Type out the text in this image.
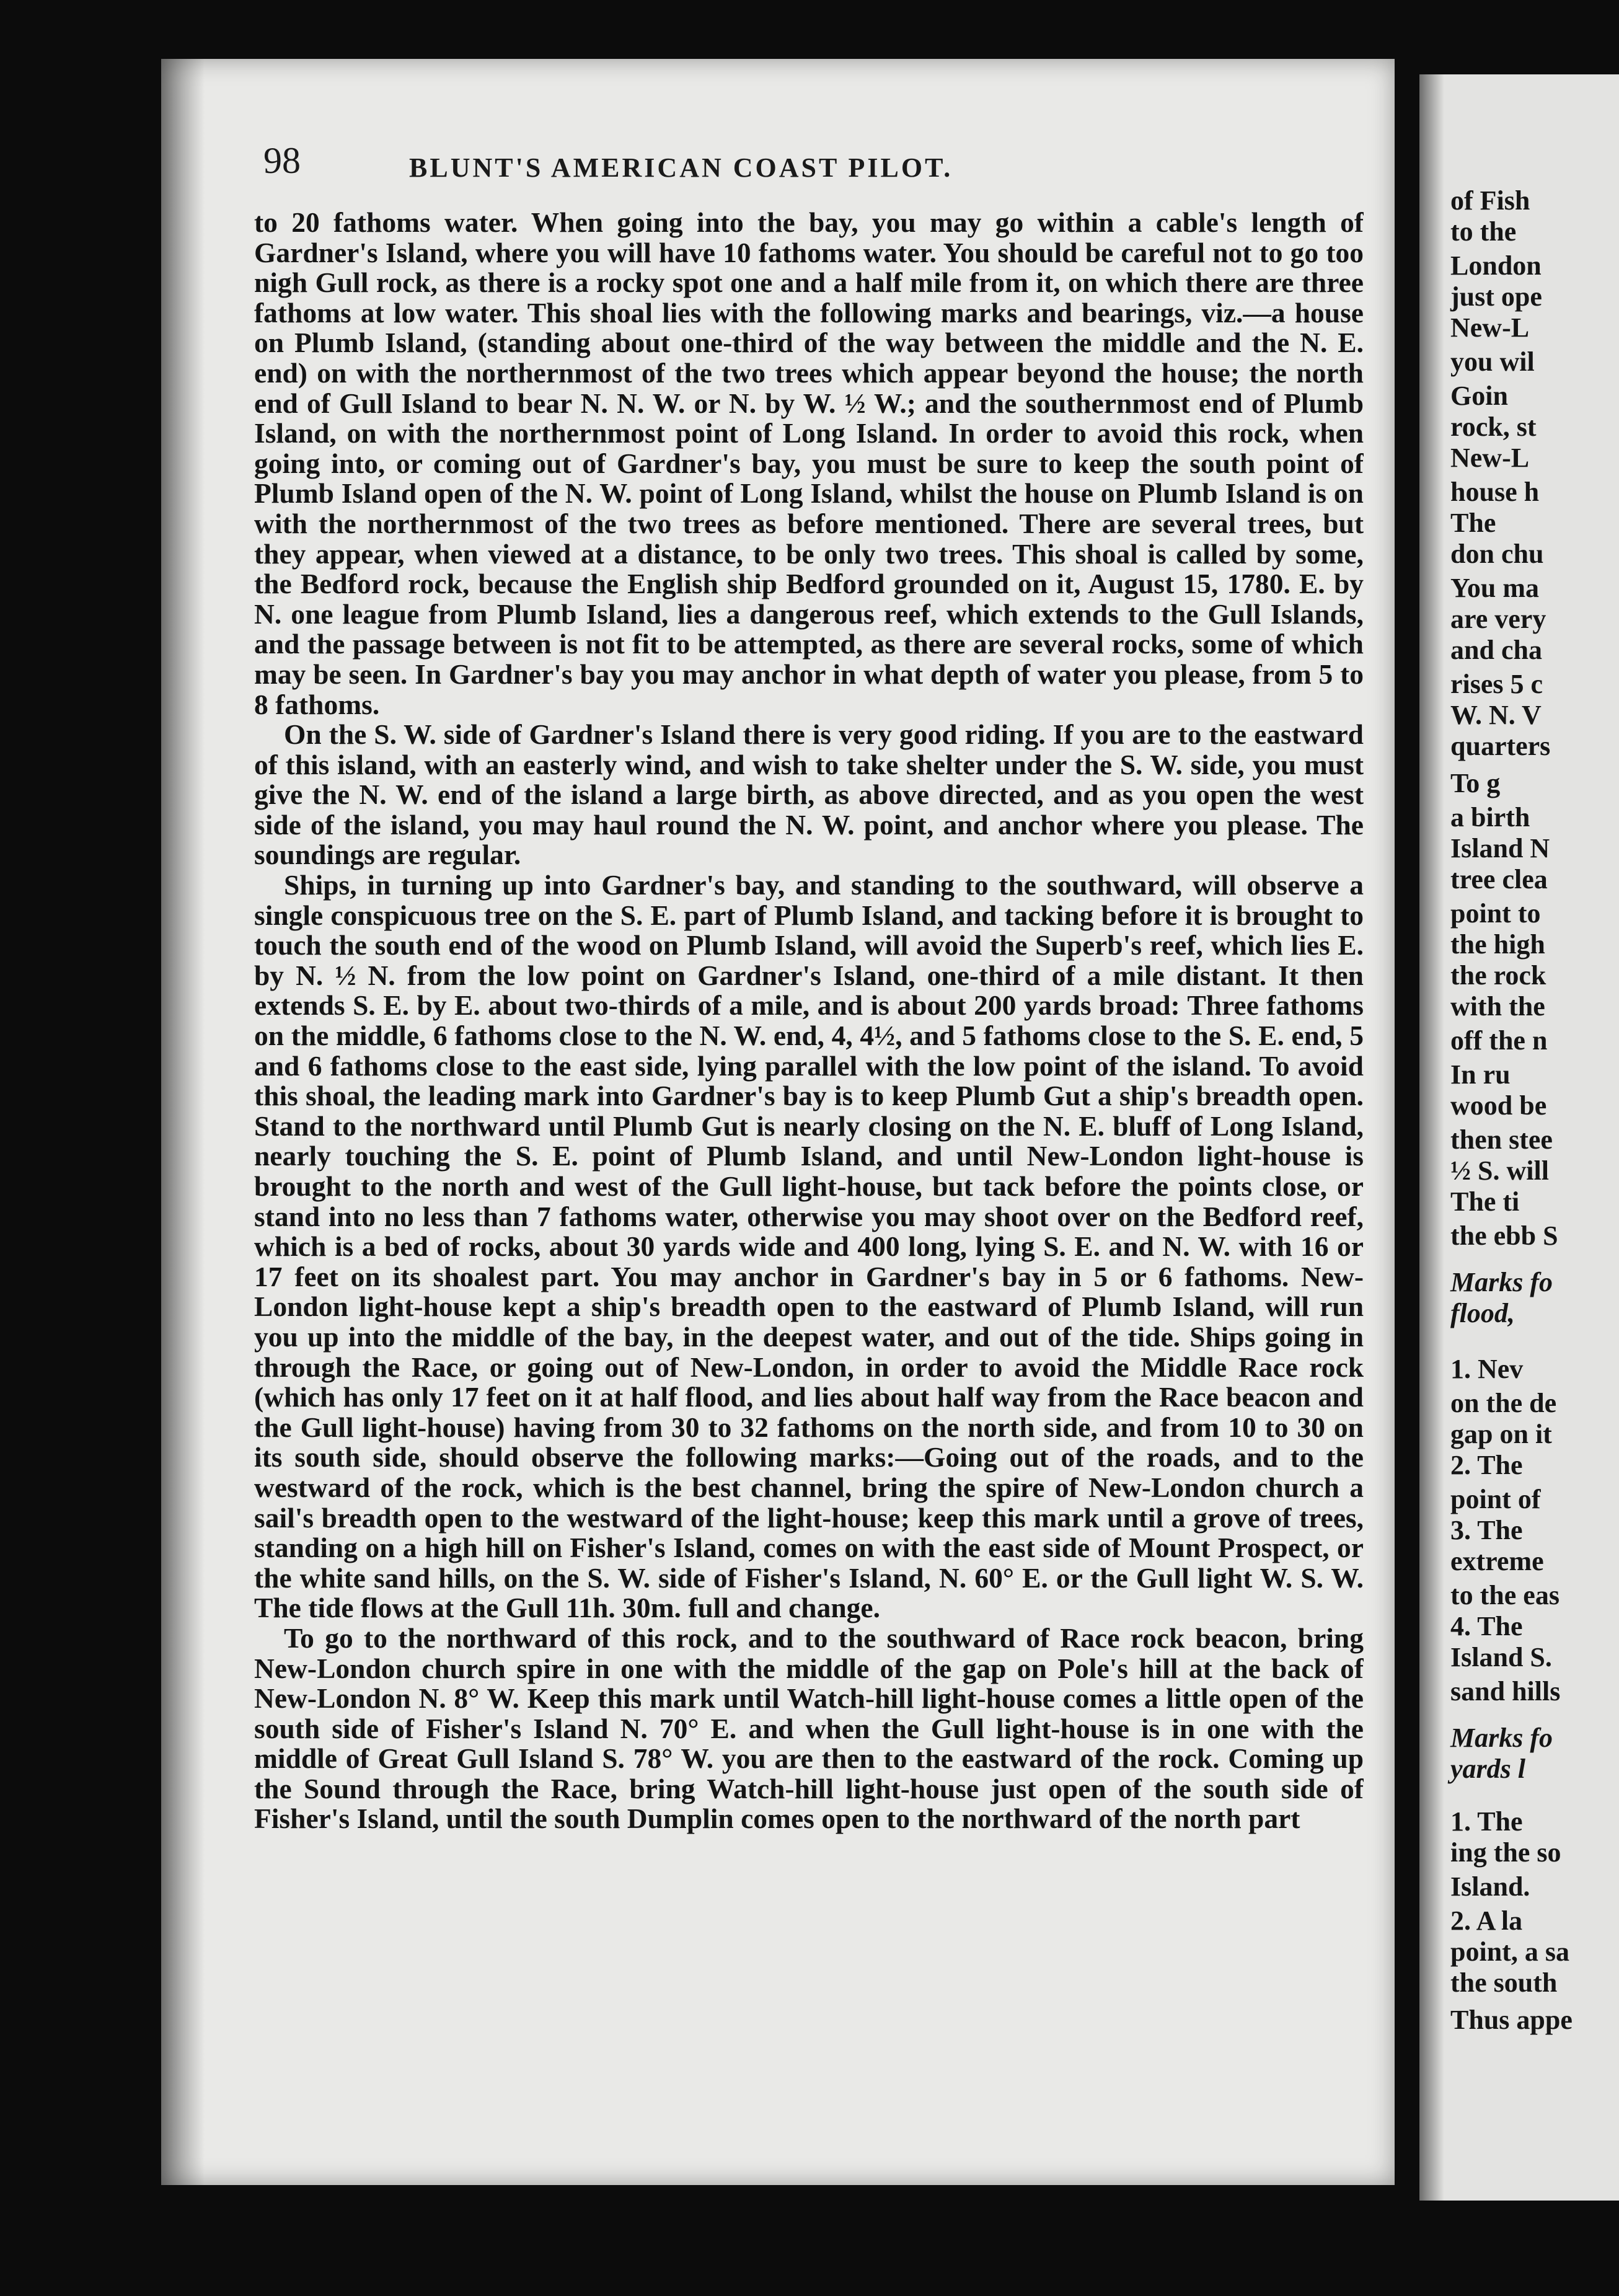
98	BLUNT'S AMERICAN COAST PILOT.

to 20 fathoms water. When going into the bay, you may go within a cable's length of Gardner's Island, where you will have 10 fathoms water. You should be careful not to go too nigh Gull rock, as there is a rocky spot one and a half mile from it, on which there are three fathoms at low water. This shoal lies with the following marks and bearings, viz.—a house on Plumb Island, (standing about one-third of the way between the middle and the N. E. end) on with the northernmost of the two trees which appear beyond the house; the north end of Gull Island to bear N. N. W. or N. by W. ½ W.; and the southernmost end of Plumb Island, on with the northernmost point of Long Island. In order to avoid this rock, when going into, or coming out of Gardner's bay, you must be sure to keep the south point of Plumb Island open of the N. W. point of Long Island, whilst the house on Plumb Island is on with the northernmost of the two trees as before mentioned. There are several trees, but they appear, when viewed at a distance, to be only two trees. This shoal is called by some, the Bedford rock, because the English ship Bedford grounded on it, August 15, 1780. E. by N. one league from Plumb Island, lies a dangerous reef, which extends to the Gull Islands, and the passage between is not fit to be attempted, as there are several rocks, some of which may be seen. In Gardner's bay you may anchor in what depth of water you please, from 5 to 8 fathoms.

On the S. W. side of Gardner's Island there is very good riding. If you are to the eastward of this island, with an easterly wind, and wish to take shelter under the S. W. side, you must give the N. W. end of the island a large birth, as above directed, and as you open the west side of the island, you may haul round the N. W. point, and anchor where you please. The soundings are regular.

Ships, in turning up into Gardner's bay, and standing to the southward, will observe a single conspicuous tree on the S. E. part of Plumb Island, and tacking before it is brought to touch the south end of the wood on Plumb Island, will avoid the Superb's reef, which lies E. by N. ½ N. from the low point on Gardner's Island, one-third of a mile distant. It then extends S. E. by E. about two-thirds of a mile, and is about 200 yards broad: Three fathoms on the middle, 6 fathoms close to the N. W. end, 4, 4½, and 5 fathoms close to the S. E. end, 5 and 6 fathoms close to the east side, lying parallel with the low point of the island. To avoid this shoal, the leading mark into Gardner's bay is to keep Plumb Gut a ship's breadth open. Stand to the northward until Plumb Gut is nearly closing on the N. E. bluff of Long Island, nearly touching the S. E. point of Plumb Island, and until New-London light-house is brought to the north and west of the Gull light-house, but tack before the points close, or stand into no less than 7 fathoms water, otherwise you may shoot over on the Bedford reef, which is a bed of rocks, about 30 yards wide and 400 long, lying S. E. and N. W. with 16 or 17 feet on its shoalest part. You may anchor in Gardner's bay in 5 or 6 fathoms. New-London light-house kept a ship's breadth open to the eastward of Plumb Island, will run you up into the middle of the bay, in the deepest water, and out of the tide. Ships going in through the Race, or going out of New-London, in order to avoid the Middle Race rock (which has only 17 feet on it at half flood, and lies about half way from the Race beacon and the Gull light-house) having from 30 to 32 fathoms on the north side, and from 10 to 30 on its south side, should observe the following marks:—Going out of the roads, and to the westward of the rock, which is the best channel, bring the spire of New-London church a sail's breadth open to the westward of the light-house; keep this mark until a grove of trees, standing on a high hill on Fisher's Island, comes on with the east side of Mount Prospect, or the white sand hills, on the S. W. side of Fisher's Island, N. 60° E. or the Gull light W. S. W. The tide flows at the Gull 11h. 30m. full and change.

To go to the northward of this rock, and to the southward of Race rock beacon, bring New-London church spire in one with the middle of the gap on Pole's hill at the back of New-London N. 8° W. Keep this mark until Watch-hill light-house comes a little open of the south side of Fisher's Island N. 70° E. and when the Gull light-house is in one with the middle of Great Gull Island S. 78° W. you are then to the eastward of the rock. Coming up the Sound through the Race, bring Watch-hill light-house just open of the south side of Fisher's Island, until the south Dumplin comes open to the northward of the north part

of Fish
to the
London
just ope
New-L
you wil
Goin
rock, st
New-L
house h
The
don chu
You ma
are very
and cha
rises 5 c
W. N. V
quarters
To g
a birth
Island N
tree clea
point to
the high
the rock
with the
off the n
In ru
wood be
then stee
½ S. will
The ti
the ebb S
Marks fo
flood,
1. Nev
on the de
gap on it
2. The
point of
3. The
extreme
to the eas
4. The
Island S.
sand hills
Marks fo
yards l
1. The
ing the so
Island.
2. A la
point, a sa
the south
Thus appe
